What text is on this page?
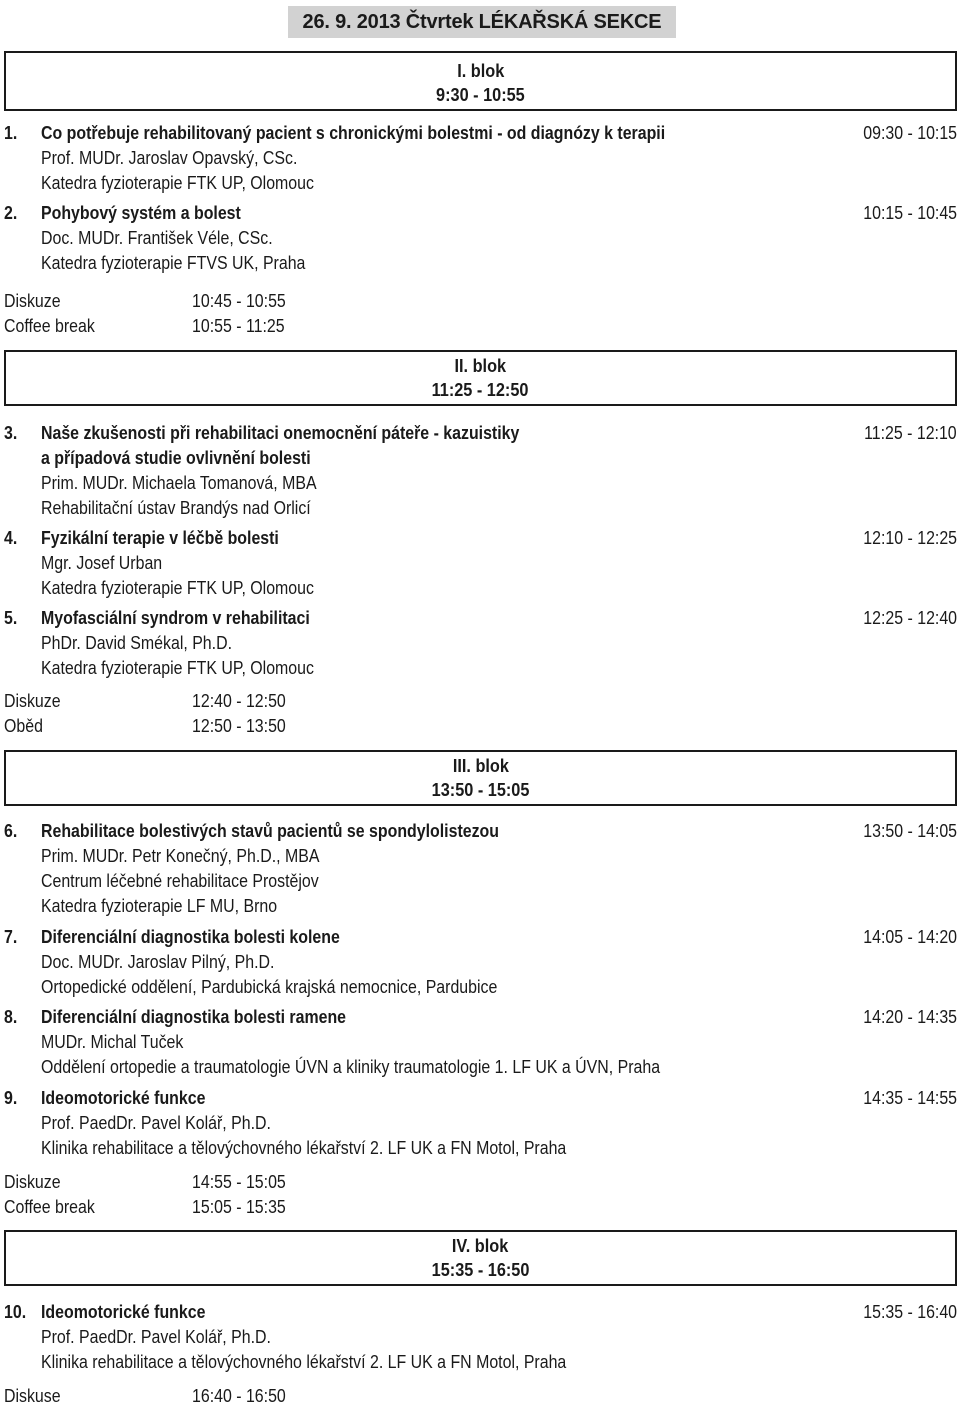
26. 9. 2013 Čtvrtek LÉKAŘSKÁ SEKCE
I. blok
9:30 - 10:55
1. Co potřebuje rehabilitovaný pacient s chronickými bolestmi - od diagnózy k terapii	09:30 - 10:15
Prof. MUDr. Jaroslav Opavský, CSc.
Katedra fyzioterapie FTK UP, Olomouc
2. Pohybový systém a bolest	10:15 - 10:45
Doc. MUDr. František Véle, CSc.
Katedra fyzioterapie FTVS UK, Praha
Diskuze	10:45 - 10:55
Coffee break	10:55 - 11:25
II. blok
11:25 - 12:50
3. Naše zkušenosti při rehabilitaci onemocnění páteře - kazuistiky	11:25 - 12:10
a případová studie ovlivnění bolesti
Prim. MUDr. Michaela Tomanová, MBA
Rehabilitační ústav Brandýs nad Orlicí
4. Fyzikální terapie v léčbě bolesti	12:10 - 12:25
Mgr. Josef Urban
Katedra fyzioterapie FTK UP, Olomouc
5. Myofasciální syndrom v rehabilitaci	12:25 - 12:40
PhDr. David Smékal, Ph.D.
Katedra fyzioterapie FTK UP, Olomouc
Diskuze	12:40 - 12:50
Oběd	12:50 - 13:50
III. blok
13:50 - 15:05
6. Rehabilitace bolestivých stavů pacientů se spondylolistezou	13:50 - 14:05
Prim. MUDr. Petr Konečný, Ph.D., MBA
Centrum léčebné rehabilitace Prostějov
Katedra fyzioterapie LF MU, Brno
7. Diferenciální diagnostika bolesti kolene	14:05 - 14:20
Doc. MUDr. Jaroslav Pilný, Ph.D.
Ortopedické oddělení, Pardubická krajská nemocnice, Pardubice
8. Diferenciální diagnostika bolesti ramene	14:20 - 14:35
MUDr. Michal Tuček
Oddělení ortopedie a traumatologie ÚVN a kliniky traumatologie 1. LF UK a ÚVN, Praha
9. Ideomotorické funkce	14:35 - 14:55
Prof. PaedDr. Pavel Kolář, Ph.D.
Klinika rehabilitace a tělovýchovného lékařství 2. LF UK a FN Motol, Praha
Diskuze	14:55 - 15:05
Coffee break	15:05 - 15:35
IV. blok
15:35 - 16:50
10. Ideomotorické funkce	15:35 - 16:40
Prof. PaedDr. Pavel Kolář, Ph.D.
Klinika rehabilitace a tělovýchovného lékařství 2. LF UK a FN Motol, Praha
Diskuse	16:40 - 16:50
